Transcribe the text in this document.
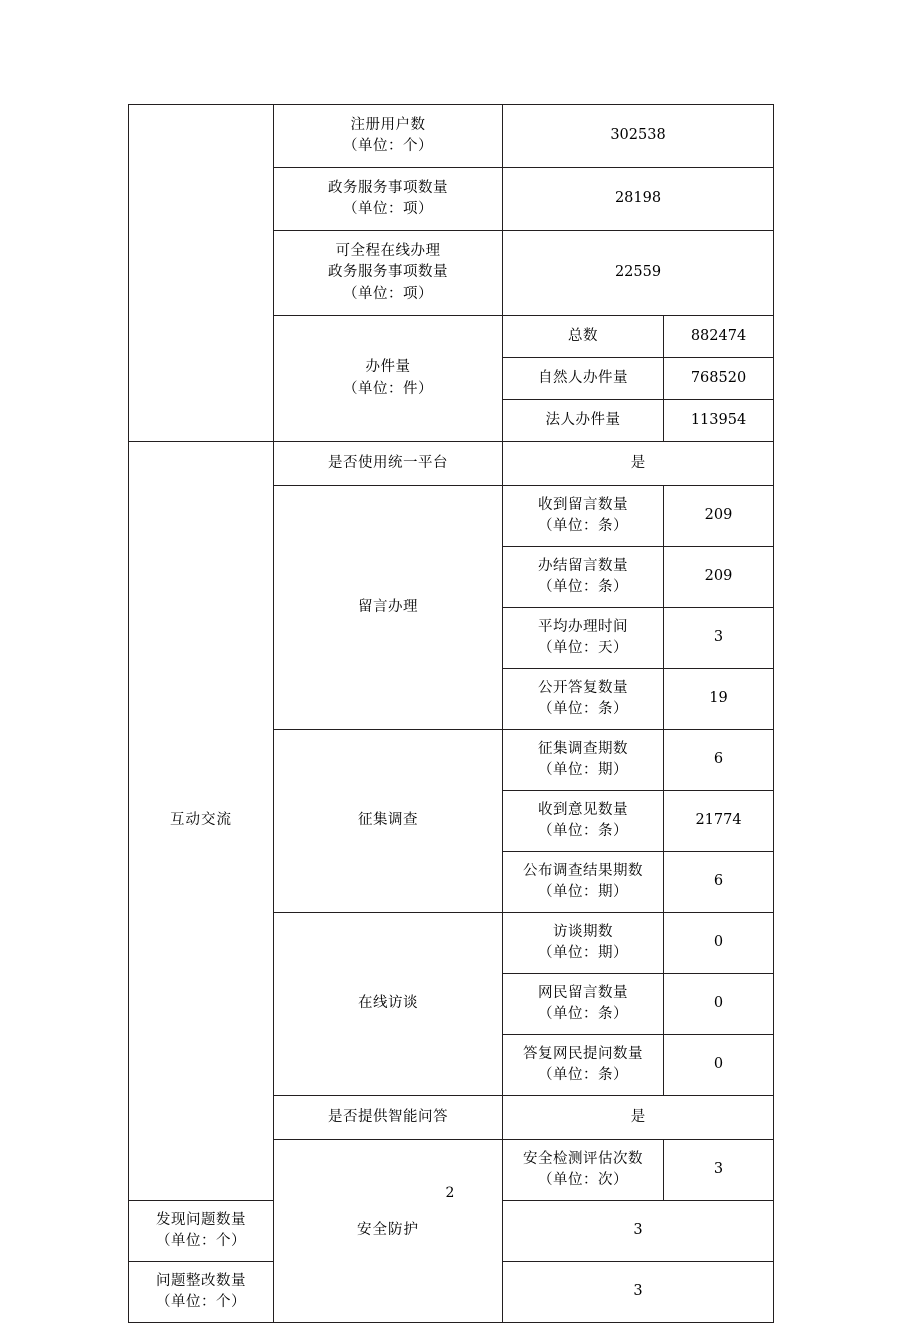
	注册用户数
（单位：个）	302538	

	政务服务事项数量
（单位：项）	28198	

	可全程在线办理
政务服务事项数量
（单位：项）	22559	

	办件量
（单位：件）	总数	882474
		自然人办件量	768520
		法人办件量	113954
互动交流	是否使用统一平台	是	
	留言办理	收到留言数量
（单位：条）	209

		办结留言数量
（单位：条）	209

		平均办理时间
（单位：天）	3

		公开答复数量
（单位：条）	19
	征集调查	征集调查期数
（单位：期）	6

		收到意见数量
（单位：条）	21774

		公布调查结果期数
（单位：期）	6
	在线访谈	访谈期数
（单位：期）	0

		网民留言数量
（单位：条）	0

		答复网民提问数量
（单位：条）	0
	是否提供智能问答	是	
	安全防护	安全检测评估次数
（单位：次）	3

发现问题数量
（单位：个）		3	

问题整改数量
（单位：个）		3	
2
